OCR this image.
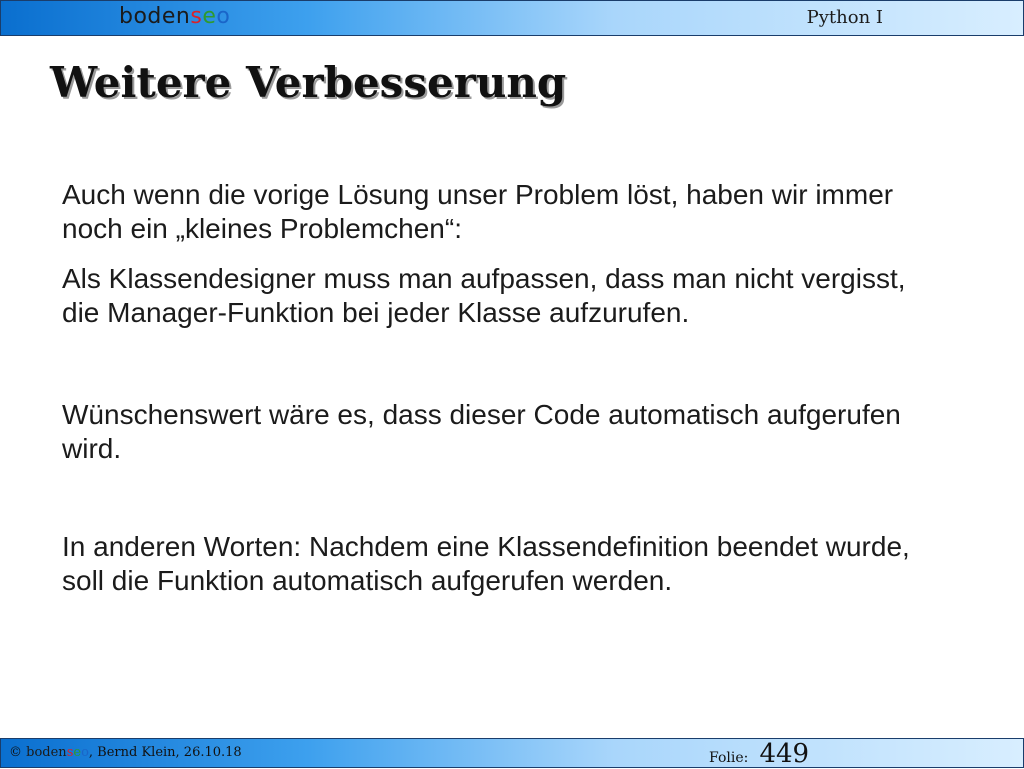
bodenseo	Python I
Weitere Verbesserung

Auch wenn die vorige Lösung unser Problem löst, haben wir immer noch ein „kleines Problemchen“:

Als Klassendesigner muss man aufpassen, dass man nicht vergisst, die Manager-Funktion bei jeder Klasse aufzurufen.

Wünschenswert wäre es, dass dieser Code automatisch aufgerufen wird.

In anderen Worten: Nachdem eine Klassendefinition beendet wurde, soll die Funktion automatisch aufgerufen werden.

© bodenseo, Bernd Klein, 26.10.18	Folie: 449
